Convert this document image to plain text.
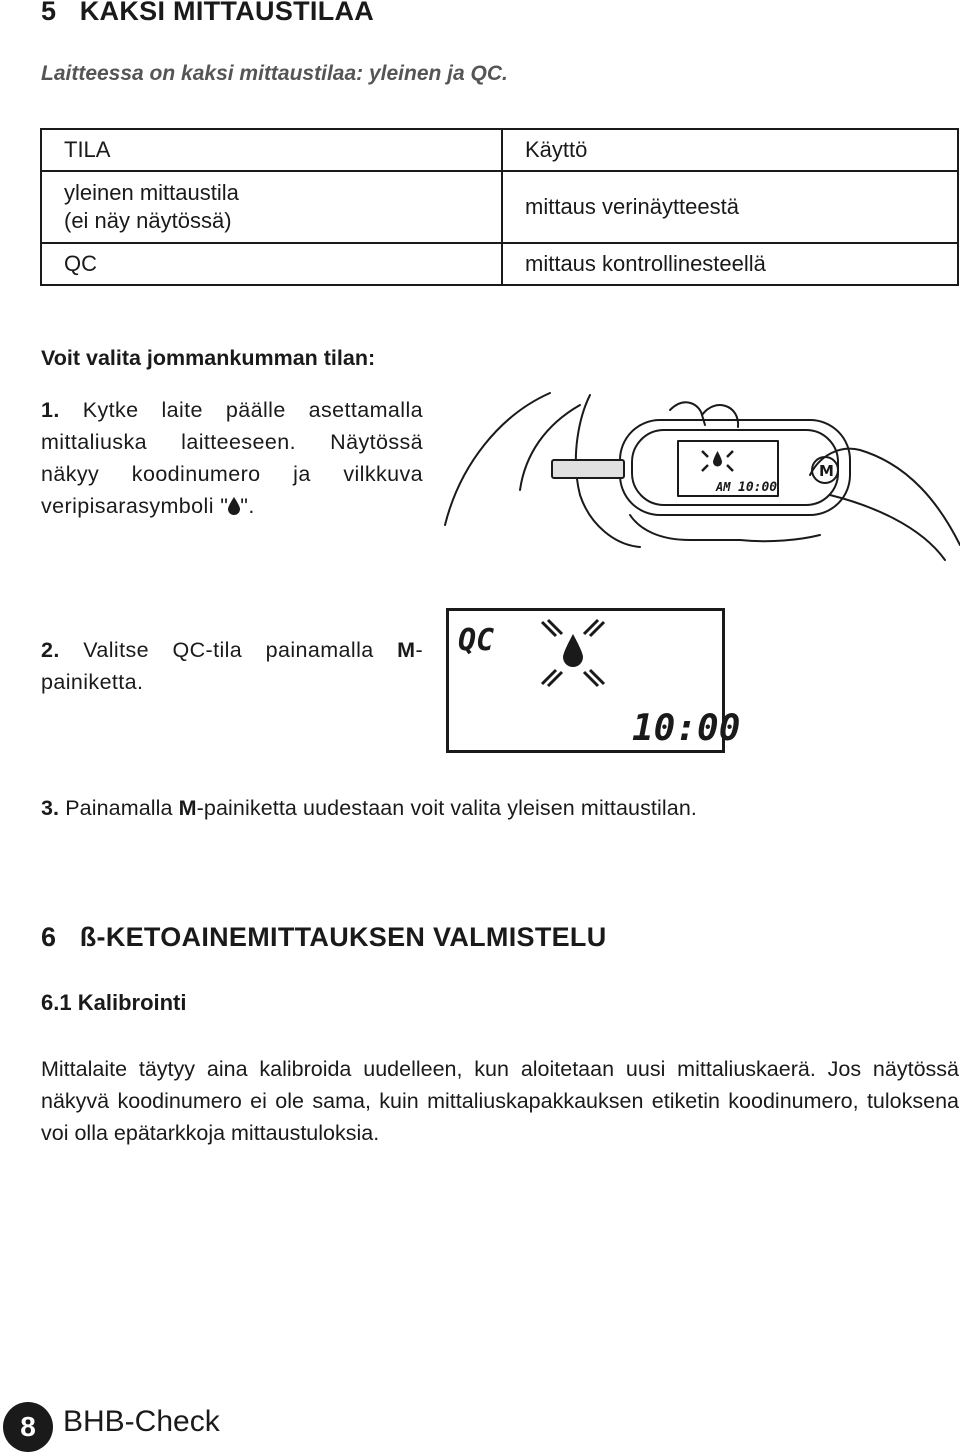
5 KAKSI MITTAUSTILAA
Laitteessa on kaksi mittaustilaa: yleinen ja QC.
TILA	Käyttö

yleinen mittaustila
(ei näy näytössä)	mittaus verinäytteestä
QC	mittaus kontrollinesteellä
Voit valita jommankumman tilan:
1. Kytke laite päälle asettamalla mittaliuska laitteeseen. Näytössä näkyy koodinumero ja vilkkuva veripisarasymboli " ".
AM 10:00
M
2. Valitse QC-tila painamalla M-painiketta.
QC
10:00
3. Painamalla M-painiketta uudestaan voit valita yleisen mittaustilan.
6 ß-KETOAINEMITTAUKSEN VALMISTELU
6.1 Kalibrointi
Mittalaite täytyy aina kalibroida uudelleen, kun aloitetaan uusi mittaliuskaerä. Jos näytössä näkyvä koodinumero ei ole sama, kuin mittaliuskapakkauksen etiketin koodinumero, tuloksena voi olla epätarkkoja mittaustuloksia.
8 BHB-Check
